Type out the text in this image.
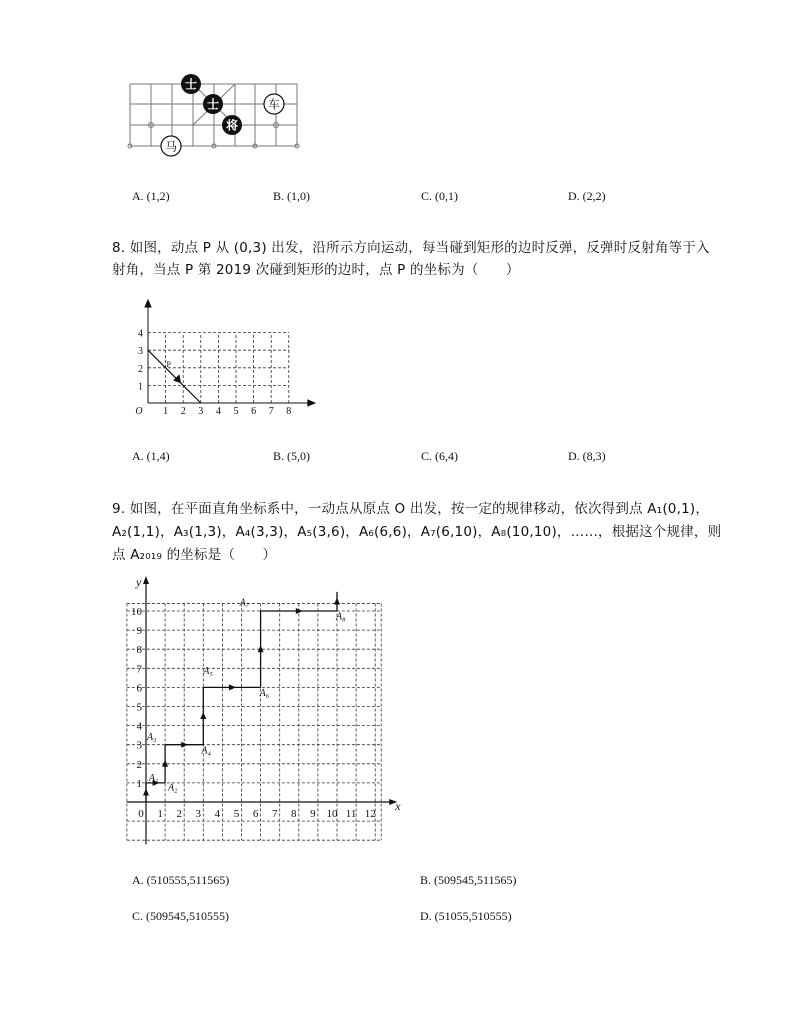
士
士
将
车
马
A. (1,2)	B. (1,0)	C. (0,1)	D. (2,2)
8. 如图，动点 P 从 (0,3) 出发，沿所示方向运动，每当碰到矩形的边时反弹，反弹时反射角等于入
射角，当点 P 第 2019 次碰到矩形的边时，点 P 的坐标为（　　）
1 2 3 4 5 6 7 8
1
2
3
4
O
P
A. (1,4)	B. (5,0)	C. (6,4)	D. (8,3)
9. 如图，在平面直角坐标系中，一动点从原点 O 出发，按一定的规律移动，依次得到点 A₁(0,1)，
A₂(1,1)，A₃(1,3)，A₄(3,3)，A₅(3,6)，A₆(6,6)，A₇(6,10)，A₈(10,10)，……，根据这个规律，则
点 A₂₀₁₉ 的坐标是（　　）
x
y
0 1 2 3 4 5 6 7 8 9 10 11 12
1
2
3
4
5
6
7
8
9
10
A₁
A₂
A₃
A₄
A₅
A₆
A₇
A₈
A. (510555,511565)	B. (509545,511565)
C. (509545,510555)	D. (51055,510555)
